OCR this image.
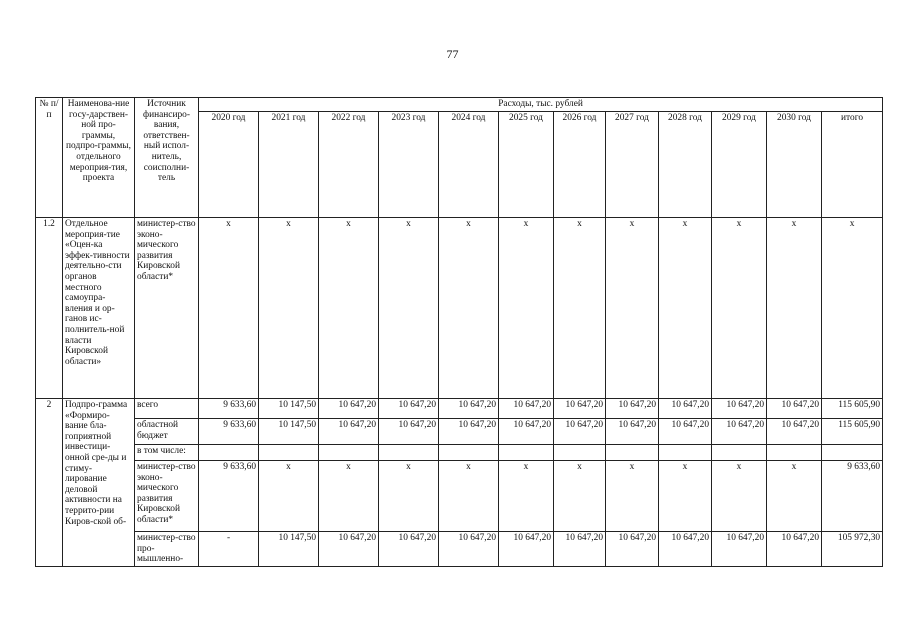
77
№ п/п	Наименова-ние госу-дарствен-ной про-граммы, подпро-граммы, отдельного мероприя-тия, проекта	Источник финансиро-вания, ответствен-ный испол-нитель, соисполни-тель	Расходы, тыс. рублей											
			2020 год	2021 год	2022 год	2023 год	2024 год	2025 год	2026 год	2027 год	2028 год	2029 год	2030 год	итого
1.2	Отдельное мероприя-тие «Оцен-ка эффек-тивности деятельно-сти органов местного самоупра-вления и ор-ганов ис-полнитель-ной власти Кировской области»	министер-ство эконо-мического развития Кировской области*	x	x	x	x	x	x	x	x	x	x	x	x
2	Подпро-грамма «Формиро-вание бла-гоприятной инвестици-онной сре-ды и стиму-лирование деловой активности на террито-рии Киров-ской об-	всего	9 633,60	10 147,50	10 647,20	10 647,20	10 647,20	10 647,20	10 647,20	10 647,20	10 647,20	10 647,20	10 647,20	115 605,90
		областной бюджет	9 633,60	10 147,50	10 647,20	10 647,20	10 647,20	10 647,20	10 647,20	10 647,20	10 647,20	10 647,20	10 647,20	115 605,90
		в том числе:												
		министер-ство эконо-мического развития Кировской области*	9 633,60	x	x	x	x	x	x	x	x	x	x	9 633,60
		министер-ство про-мышленно-	-	10 147,50	10 647,20	10 647,20	10 647,20	10 647,20	10 647,20	10 647,20	10 647,20	10 647,20	10 647,20	105 972,30
